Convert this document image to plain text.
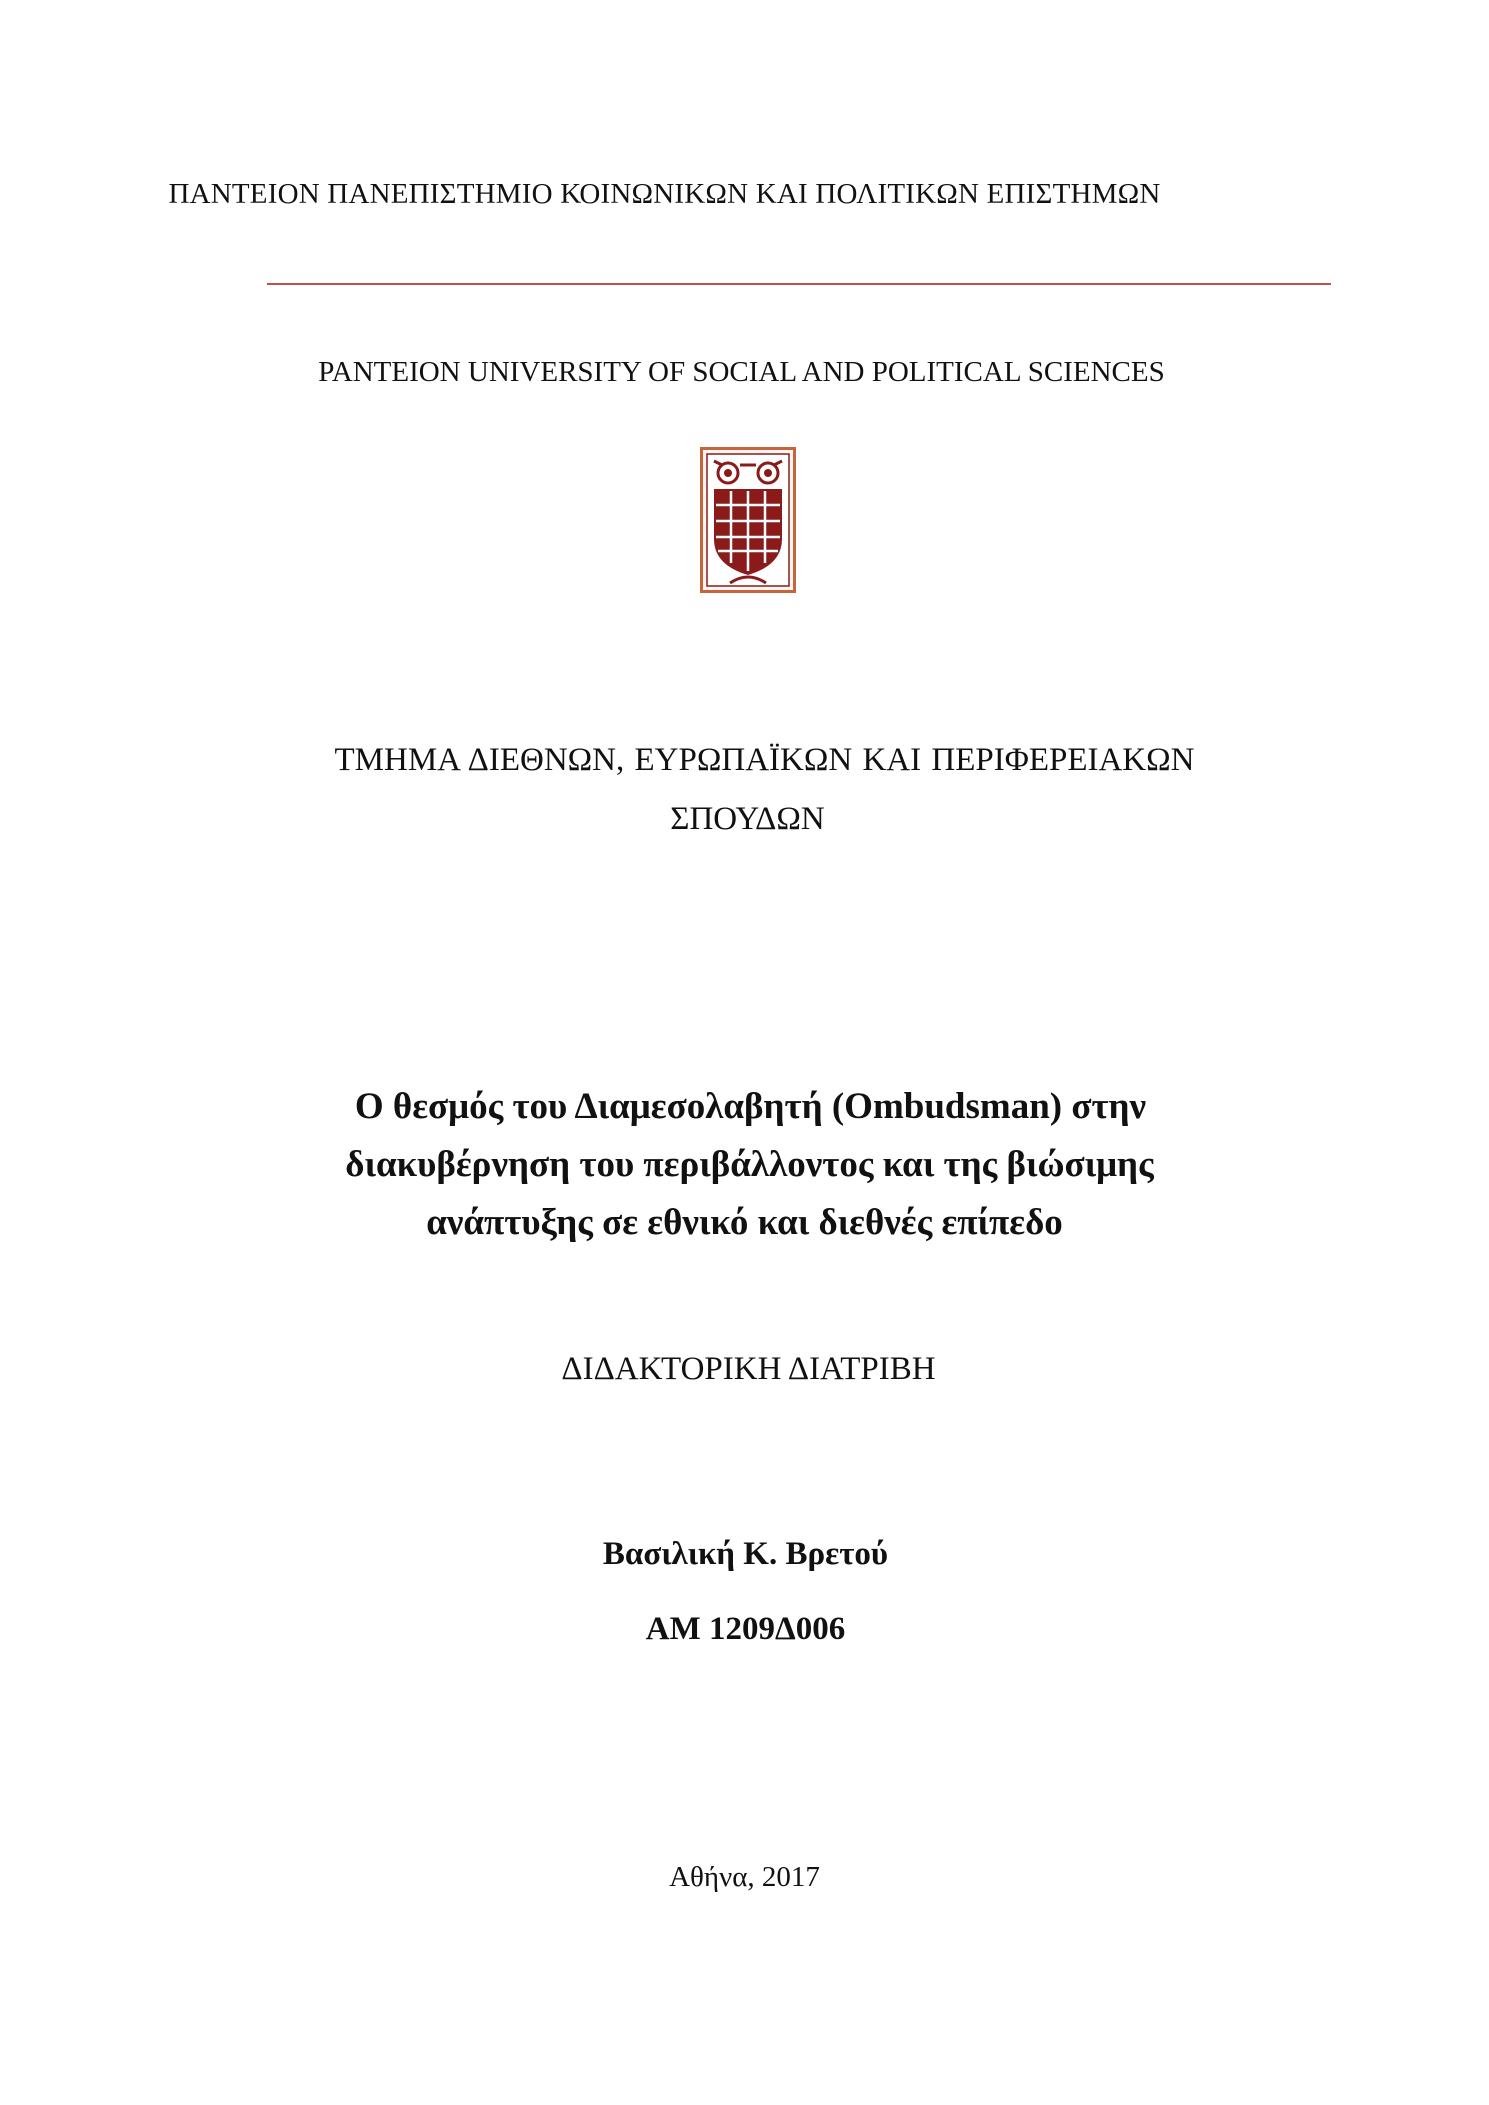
ΠΑΝΤΕΙΟΝ ΠΑΝΕΠΙΣΤΗΜΙΟ ΚΟΙΝΩΝΙΚΩΝ ΚΑΙ ΠΟΛΙΤΙΚΩΝ ΕΠΙΣΤΗΜΩΝ
PANTEION UNIVERSITY OF SOCIAL AND POLITICAL SCIENCES
ΤΜΗΜΑ ΔΙΕΘΝΩΝ, ΕΥΡΩΠΑΪΚΩΝ ΚΑΙ ΠΕΡΙΦΕΡΕΙΑΚΩΝ
ΣΠΟΥΔΩΝ
Ο θεσμός του Διαμεσολαβητή (Ombudsman) στην
διακυβέρνηση του περιβάλλοντος και της βιώσιμης
ανάπτυξης σε εθνικό και διεθνές επίπεδο
ΔΙΔΑΚΤΟΡΙΚΗ ΔΙΑΤΡΙΒΗ
Βασιλική Κ. Βρετού
ΑΜ 1209Δ006
Αθήνα, 2017
